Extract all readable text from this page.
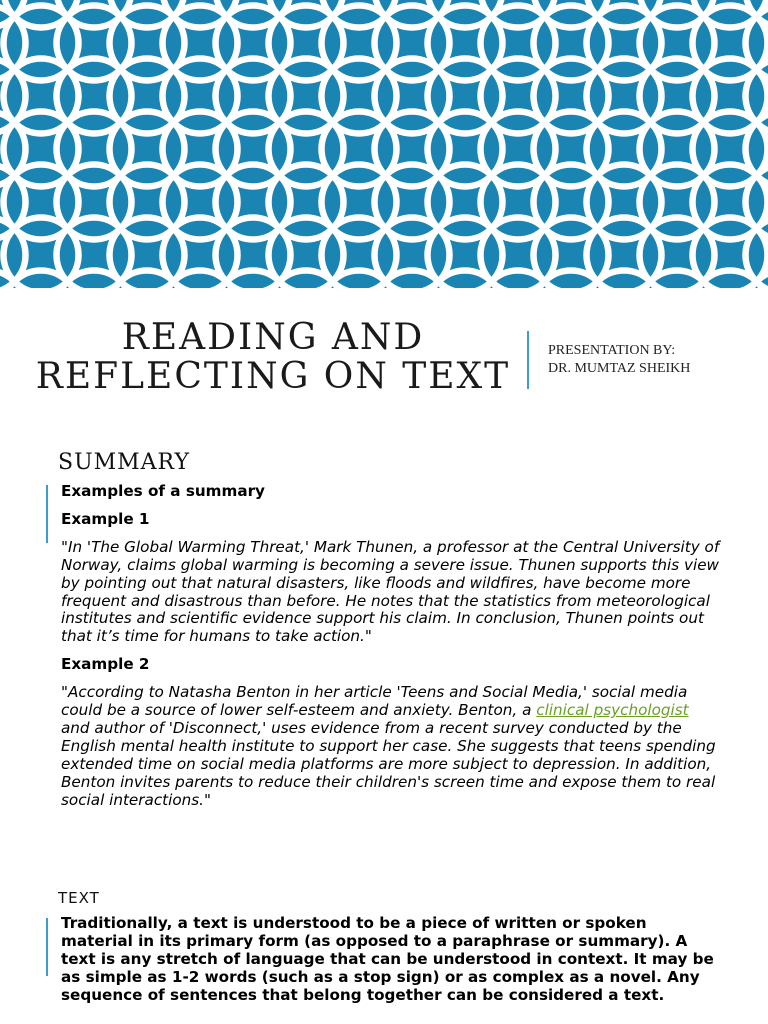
READING AND
REFLECTING ON TEXT
PRESENTATION BY:
DR. MUMTAZ SHEIKH
SUMMARY

Examples of a summary

Example 1

"In 'The Global Warming Threat,' Mark Thunen, a professor at the Central University of Norway, claims global warming is becoming a severe issue. Thunen supports this view by pointing out that natural disasters, like floods and wildfires, have become more frequent and disastrous than before. He notes that the statistics from meteorological institutes and scientific evidence support his claim. In conclusion, Thunen points out that it’s time for humans to take action."

Example 2

"According to Natasha Benton in her article 'Teens and Social Media,' social media could be a source of lower self-esteem and anxiety. Benton, a clinical psychologist and author of 'Disconnect,' uses evidence from a recent survey conducted by the English mental health institute to support her case. She suggests that teens spending extended time on social media platforms are more subject to depression. In addition, Benton invites parents to reduce their children's screen time and expose them to real social interactions."

TEXT

Traditionally, a text is understood to be a piece of written or spoken material in its primary form (as opposed to a paraphrase or summary). A text is any stretch of language that can be understood in context. It may be as simple as 1-2 words (such as a stop sign) or as complex as a novel. Any sequence of sentences that belong together can be considered a text.
